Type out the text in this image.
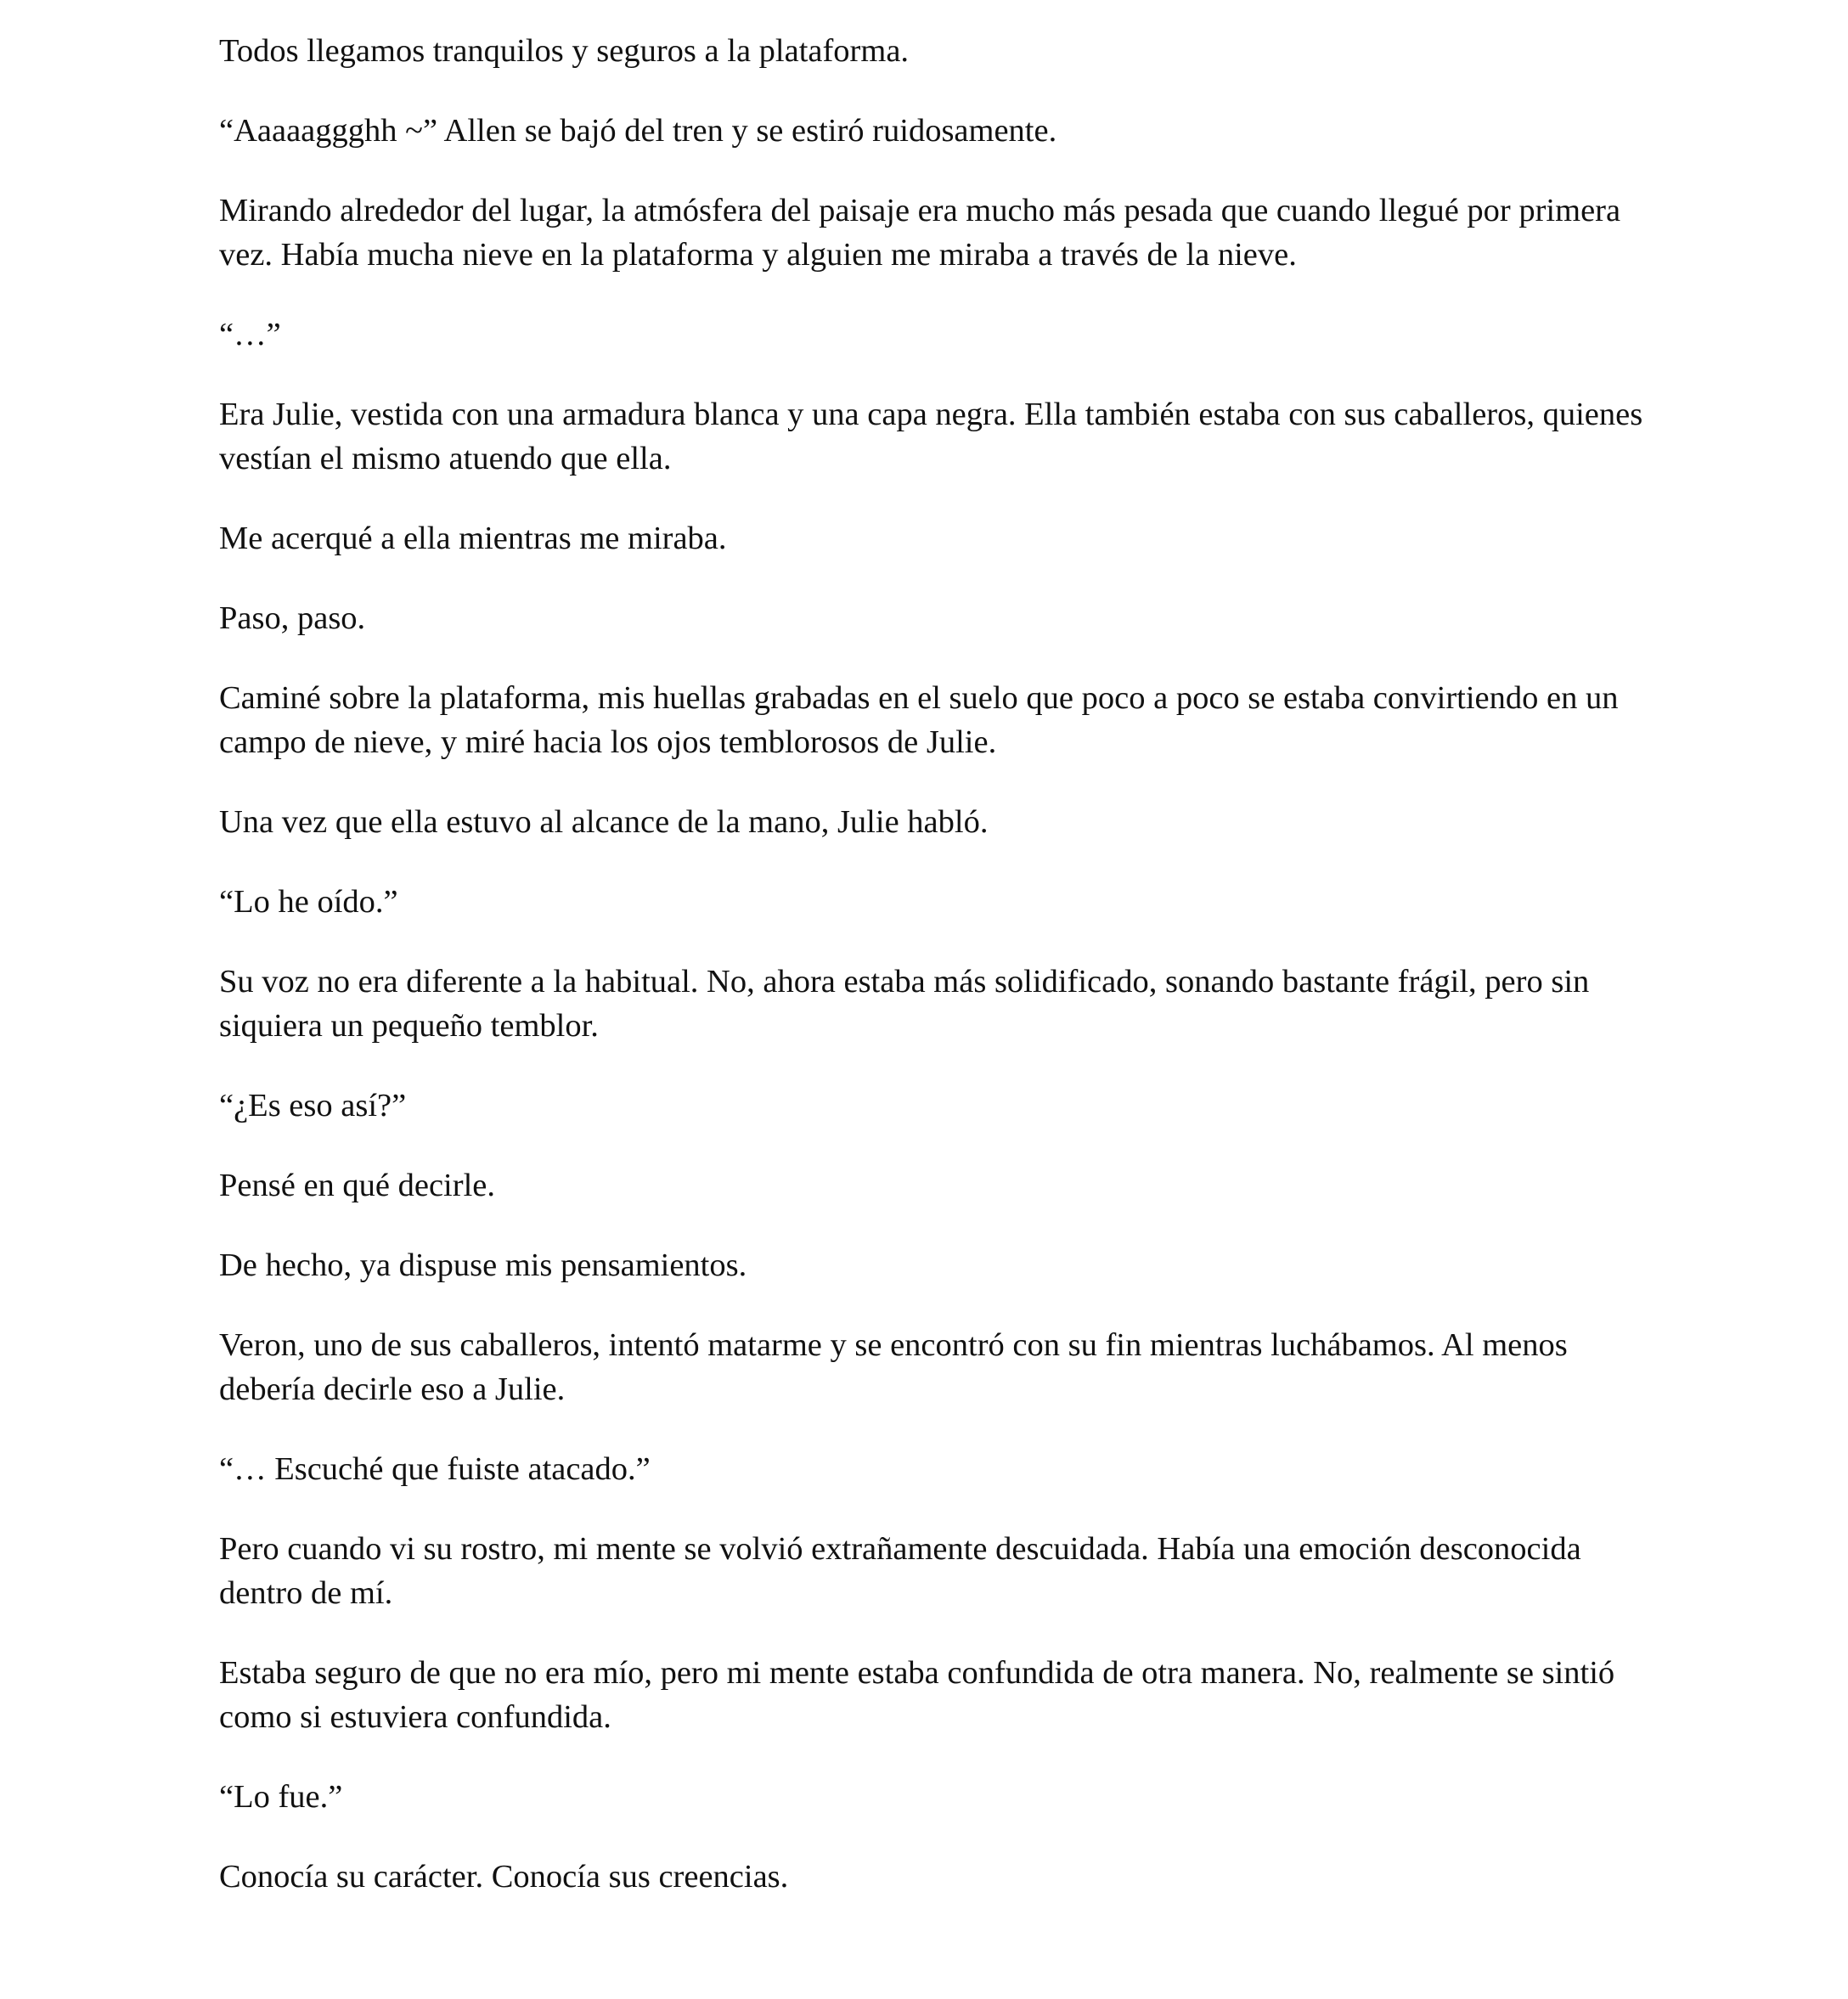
Todos llegamos tranquilos y seguros a la plataforma.

“Aaaaaggghh ~” Allen se bajó del tren y se estiró ruidosamente.

Mirando alrededor del lugar, la atmósfera del paisaje era mucho más pesada que cuando llegué por primera vez. Había mucha nieve en la plataforma y alguien me miraba a través de la nieve.

“…”

Era Julie, vestida con una armadura blanca y una capa negra. Ella también estaba con sus caballeros, quienes vestían el mismo atuendo que ella.

Me acerqué a ella mientras me miraba.

Paso, paso.

Caminé sobre la plataforma, mis huellas grabadas en el suelo que poco a poco se estaba convirtiendo en un campo de nieve, y miré hacia los ojos temblorosos de Julie.

Una vez que ella estuvo al alcance de la mano, Julie habló.

“Lo he oído.”

Su voz no era diferente a la habitual. No, ahora estaba más solidificado, sonando bastante frágil, pero sin siquiera un pequeño temblor.

“¿Es eso así?”

Pensé en qué decirle.

De hecho, ya dispuse mis pensamientos.

Veron, uno de sus caballeros, intentó matarme y se encontró con su fin mientras luchábamos. Al menos debería decirle eso a Julie.

“… Escuché que fuiste atacado.”

Pero cuando vi su rostro, mi mente se volvió extrañamente descuidada. Había una emoción desconocida dentro de mí.

Estaba seguro de que no era mío, pero mi mente estaba confundida de otra manera. No, realmente se sintió como si estuviera confundida.

“Lo fue.”

Conocía su carácter. Conocía sus creencias.
